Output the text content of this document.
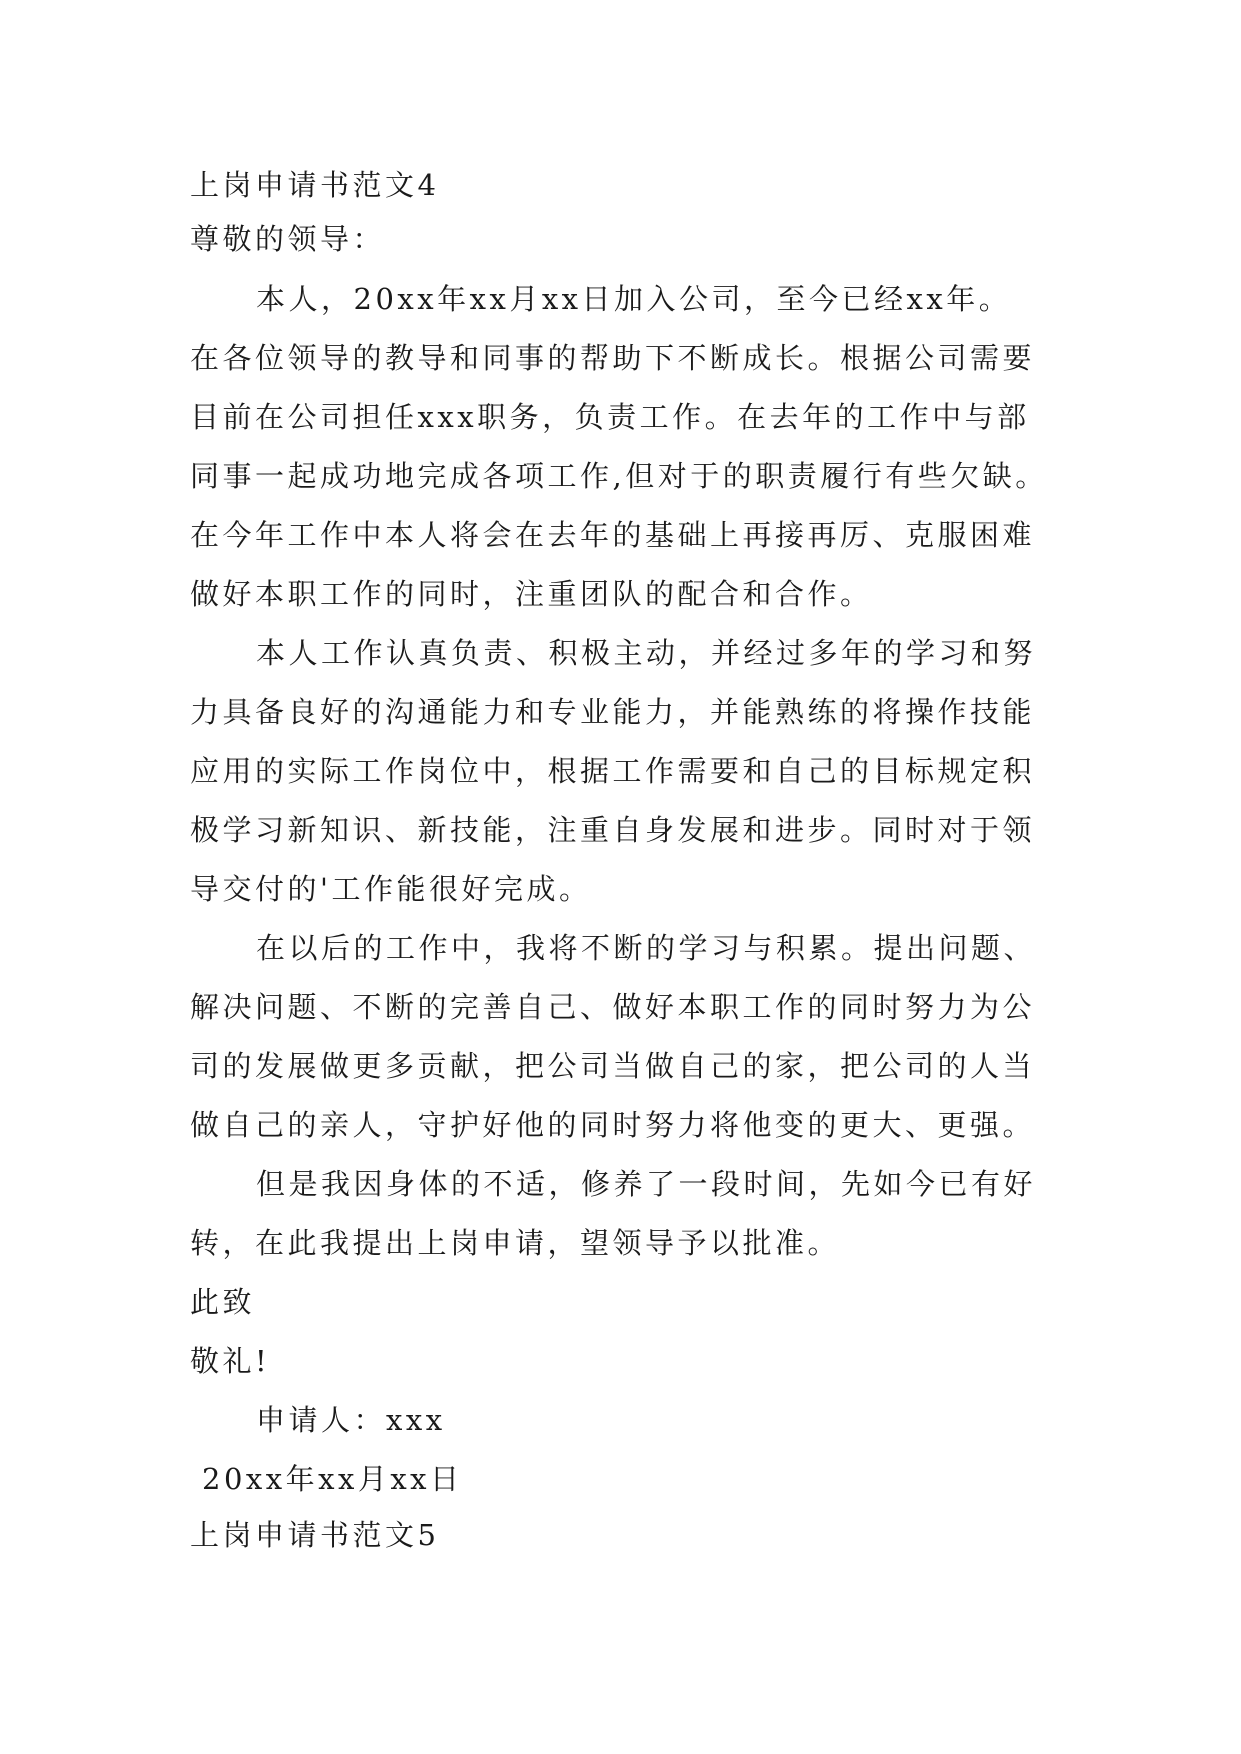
上岗申请书范文4
尊敬的领导：
本人，20xx年xx月xx日加入公司，至今已经xx年。
在各位领导的教导和同事的帮助下不断成长。根据公司需要
目前在公司担任xxx职务，负责工作。在去年的工作中与部
同事一起成功地完成各项工作,但对于的职责履行有些欠缺。
在今年工作中本人将会在去年的基础上再接再厉、克服困难
做好本职工作的同时，注重团队的配合和合作。
本人工作认真负责、积极主动，并经过多年的学习和努
力具备良好的沟通能力和专业能力，并能熟练的将操作技能
应用的实际工作岗位中，根据工作需要和自己的目标规定积
极学习新知识、新技能，注重自身发展和进步。同时对于领
导交付的'工作能很好完成。
在以后的工作中，我将不断的学习与积累。提出问题、
解决问题、不断的完善自己、做好本职工作的同时努力为公
司的发展做更多贡献，把公司当做自己的家，把公司的人当
做自己的亲人，守护好他的同时努力将他变的更大、更强。
但是我因身体的不适，修养了一段时间，先如今已有好
转，在此我提出上岗申请，望领导予以批准。
此致
敬礼!
申请人：xxx
20xx年xx月xx日
上岗申请书范文5
